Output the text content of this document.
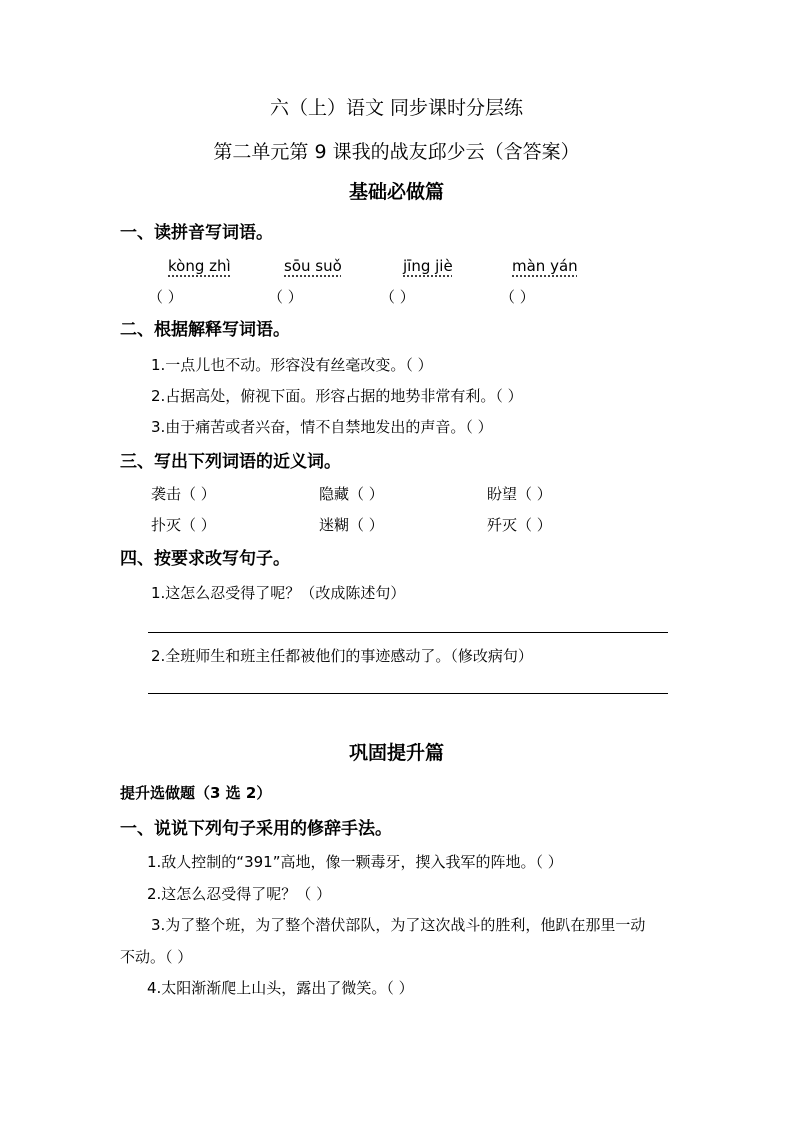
六（上）语文 同步课时分层练
第二单元第 9 课我的战友邱少云（含答案）
基础必做篇
一、读拼音写词语。
kòng zhì	sōu suǒ	jīng jiè	màn yán
（ ）	（ ）	（ ）	（ ）
二、根据解释写词语。
1.一点儿也不动。形容没有丝毫改变。（ ）
2.占据高处，俯视下面。形容占据的地势非常有利。（ ）
3.由于痛苦或者兴奋，情不自禁地发出的声音。（ ）
三、写出下列词语的近义词。
袭击（ ）	隐藏（ ）	盼望（ ）
扑灭（ ）	迷糊（ ）	歼灭（ ）
四、按要求改写句子。
1.这怎么忍受得了呢？（改成陈述句）
2.全班师生和班主任都被他们的事迹感动了。（修改病句）
巩固提升篇
提升选做题（3 选 2）
一、说说下列句子采用的修辞手法。
1.敌人控制的“391”高地，像一颗毒牙，揳入我军的阵地。（ ）
2.这怎么忍受得了呢？（ ）
3.为了整个班，为了整个潜伏部队，为了这次战斗的胜利，他趴在那里一动
不动。（ ）
4.太阳渐渐爬上山头，露出了微笑。（ ）
